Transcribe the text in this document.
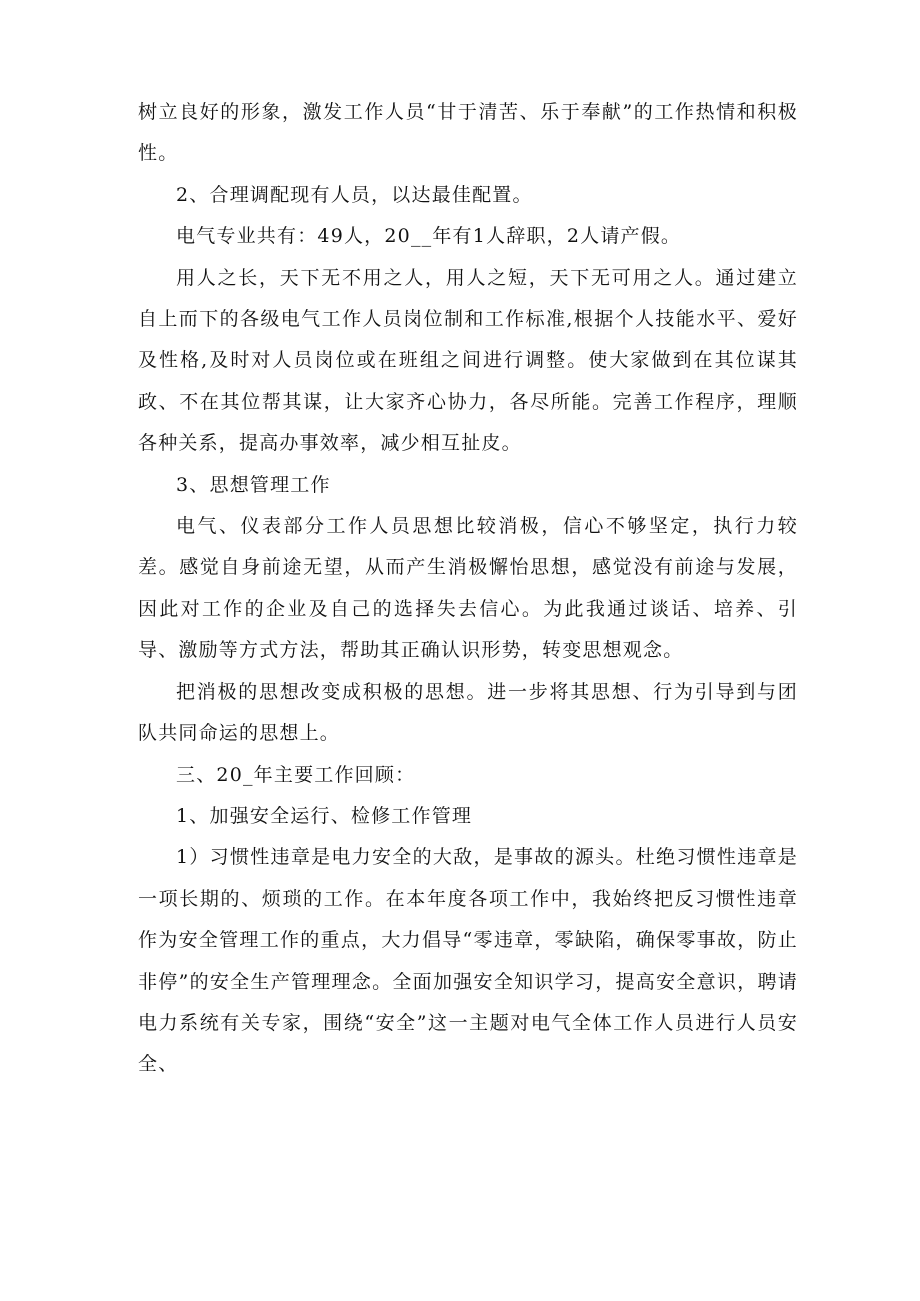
树立良好的形象，激发工作人员“甘于清苦、乐于奉献”的工作热情和积极性。

2、合理调配现有人员，以达最佳配置。

电气专业共有：49人，20__年有1人辞职，2人请产假。

用人之长，天下无不用之人，用人之短，天下无可用之人。通过建立自上而下的各级电气工作人员岗位制和工作标准,根据个人技能水平、爱好及性格,及时对人员岗位或在班组之间进行调整。使大家做到在其位谋其政、不在其位帮其谋，让大家齐心协力，各尽所能。完善工作程序，理顺各种关系，提高办事效率，减少相互扯皮。

3、思想管理工作

电气、仪表部分工作人员思想比较消极，信心不够坚定，执行力较差。感觉自身前途无望，从而产生消极懈怡思想，感觉没有前途与发展，因此对工作的企业及自己的选择失去信心。为此我通过谈话、培养、引导、激励等方式方法，帮助其正确认识形势，转变思想观念。

把消极的思想改变成积极的思想。进一步将其思想、行为引导到与团队共同命运的思想上。

三、20_年主要工作回顾：

1、加强安全运行、检修工作管理

1）习惯性违章是电力安全的大敌，是事故的源头。杜绝习惯性违章是一项长期的、烦琐的工作。在本年度各项工作中，我始终把反习惯性违章作为安全管理工作的重点，大力倡导“零违章，零缺陷，确保零事故，防止非停”的安全生产管理理念。全面加强安全知识学习，提高安全意识，聘请电力系统有关专家，围绕“安全”这一主题对电气全体工作人员进行人员安全、
